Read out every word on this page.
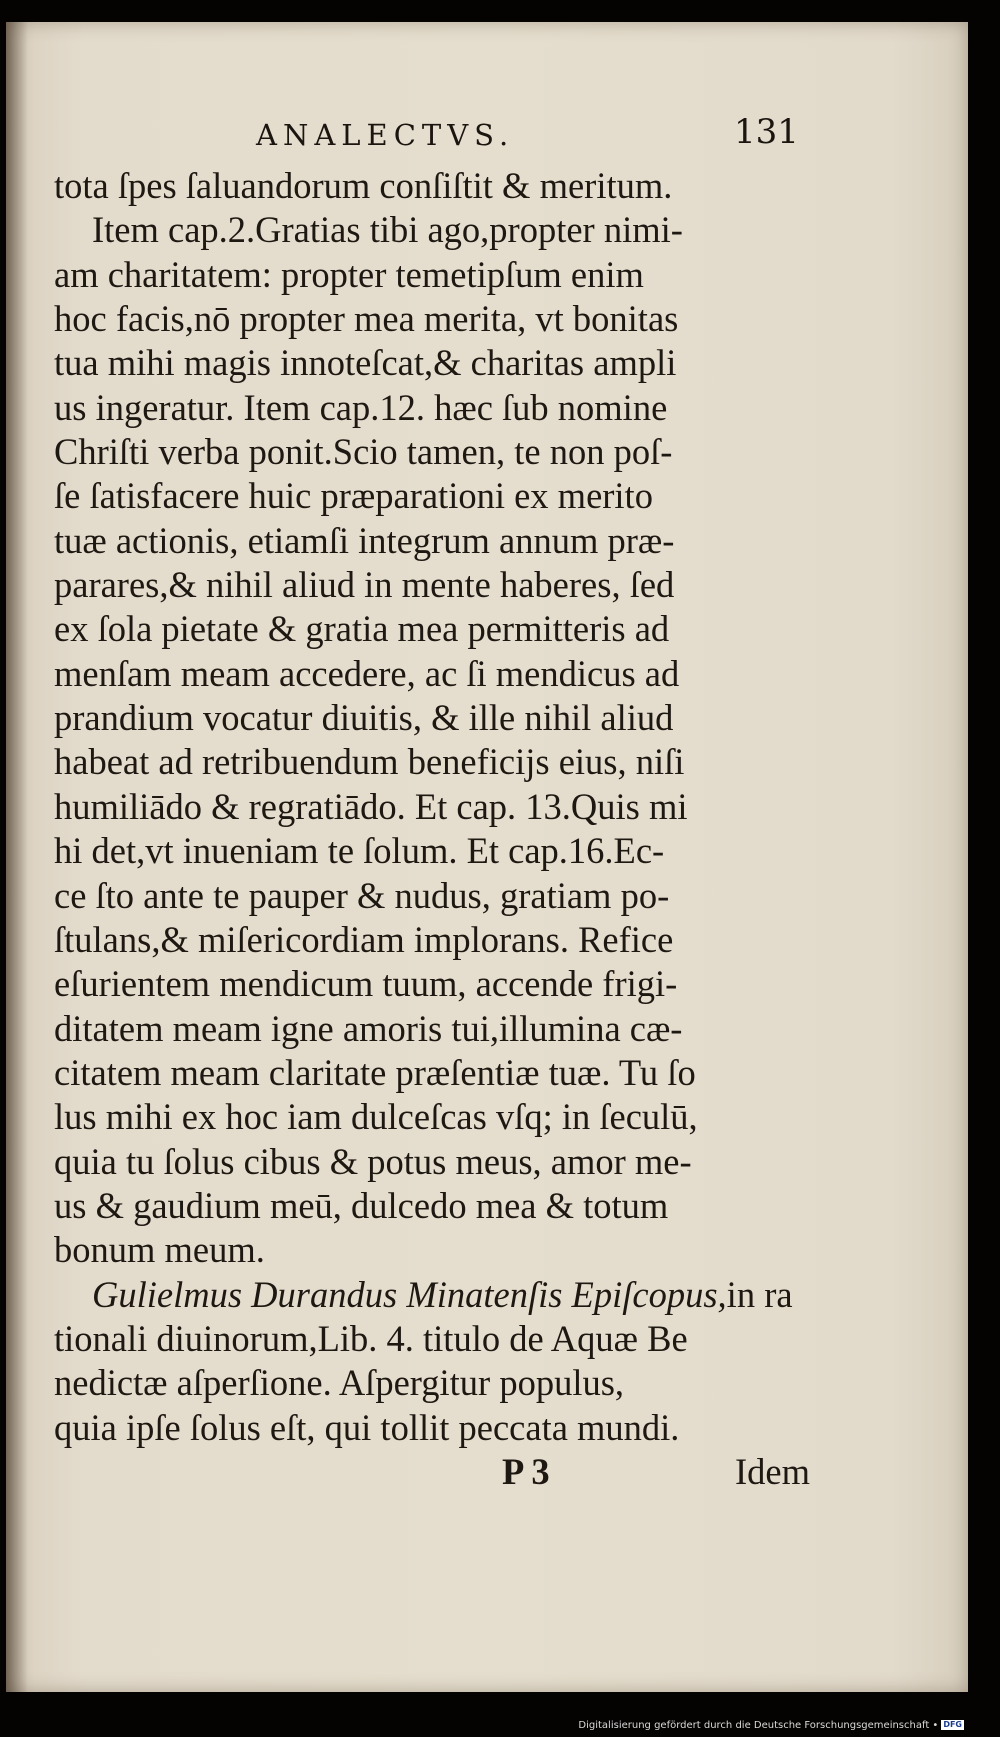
ANALECTVS.	131
tota ſpes ſaluandorum conſiſtit & meritum.
Item cap.2.Gratias tibi ago,propter nimi-
am charitatem: propter temetipſum enim
hoc facis,nō propter mea merita, vt bonitas
tua mihi magis innoteſcat,& charitas ampli
us ingeratur. Item cap.12. hæc ſub nomine
Chriſti verba ponit.Scio tamen, te non poſ-
ſe ſatisfacere huic præparationi ex merito
tuæ actionis, etiamſi integrum annum præ-
parares,& nihil aliud in mente haberes, ſed
ex ſola pietate & gratia mea permitteris ad
menſam meam accedere, ac ſi mendicus ad
prandium vocatur diuitis, & ille nihil aliud
habeat ad retribuendum beneficijs eius, niſi
humiliādo & regratiādo. Et cap. 13.Quis mi
hi det,vt inueniam te ſolum. Et cap.16.Ec-
ce ſto ante te pauper & nudus, gratiam po-
ſtulans,& miſericordiam implorans. Refice
eſurientem mendicum tuum, accende frigi-
ditatem meam igne amoris tui,illumina cæ-
citatem meam claritate præſentiæ tuæ. Tu ſo
lus mihi ex hoc iam dulceſcas vſq; in ſeculū,
quia tu ſolus cibus & potus meus, amor me-
us & gaudium meū, dulcedo mea & totum
bonum meum.
Gulielmus Durandus Minatenſis Epiſcopus,in ra
tionali diuinorum,Lib. 4. titulo de Aquæ Be
nedictæ aſperſione. Aſpergitur populus,
quia ipſe ſolus eſt, qui tollit peccata mundi.
P 3	Idem
Digitalisierung gefördert durch die Deutsche Forschungsgemeinschaft • DFG
